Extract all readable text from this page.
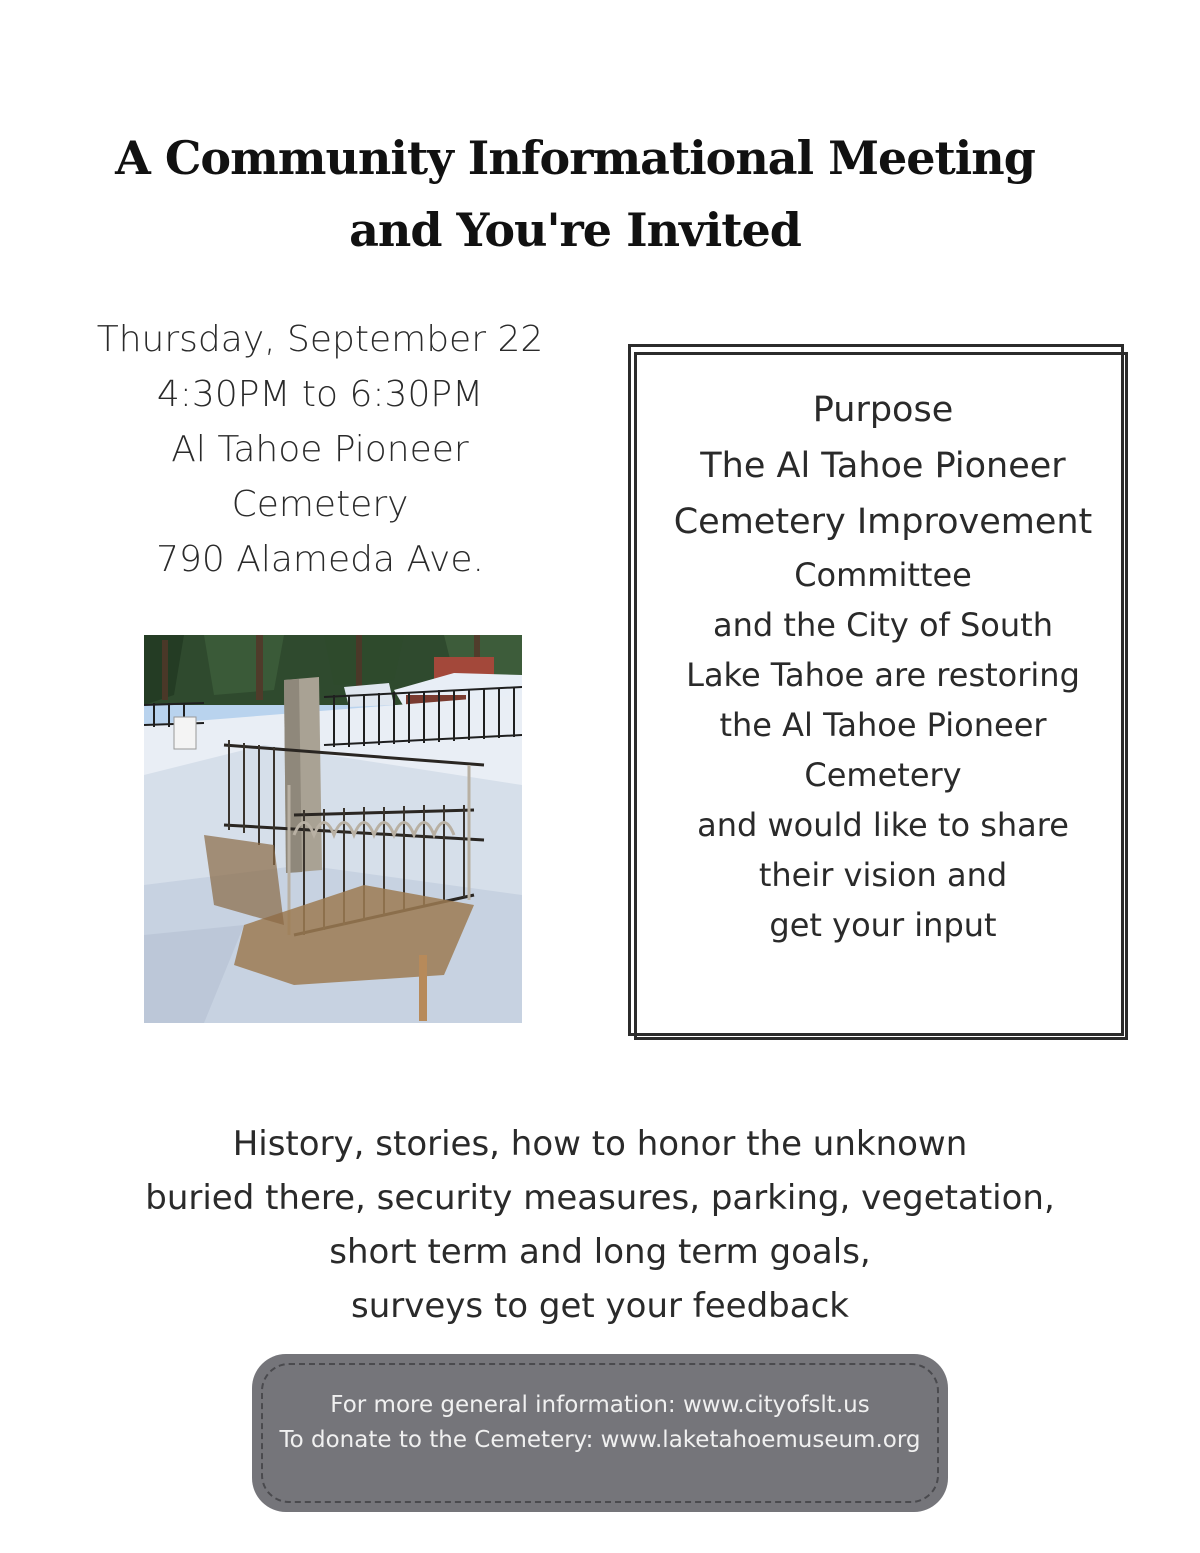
A Community Informational Meeting
and You're Invited
Thursday, September 22
4:30PM to 6:30PM
Al Tahoe Pioneer
Cemetery
790 Alameda Ave.
Purpose
The Al Tahoe Pioneer
Cemetery Improvement
Committee
and the City of South
Lake Tahoe are restoring
the Al Tahoe Pioneer
Cemetery
and would like to share
their vision and
get your input
History, stories, how to honor the unknown
buried there, security measures, parking, vegetation,
short term and long term goals,
surveys to get your feedback
For more general information: www.cityofslt.us
To donate to the Cemetery: www.laketahoemuseum.org
